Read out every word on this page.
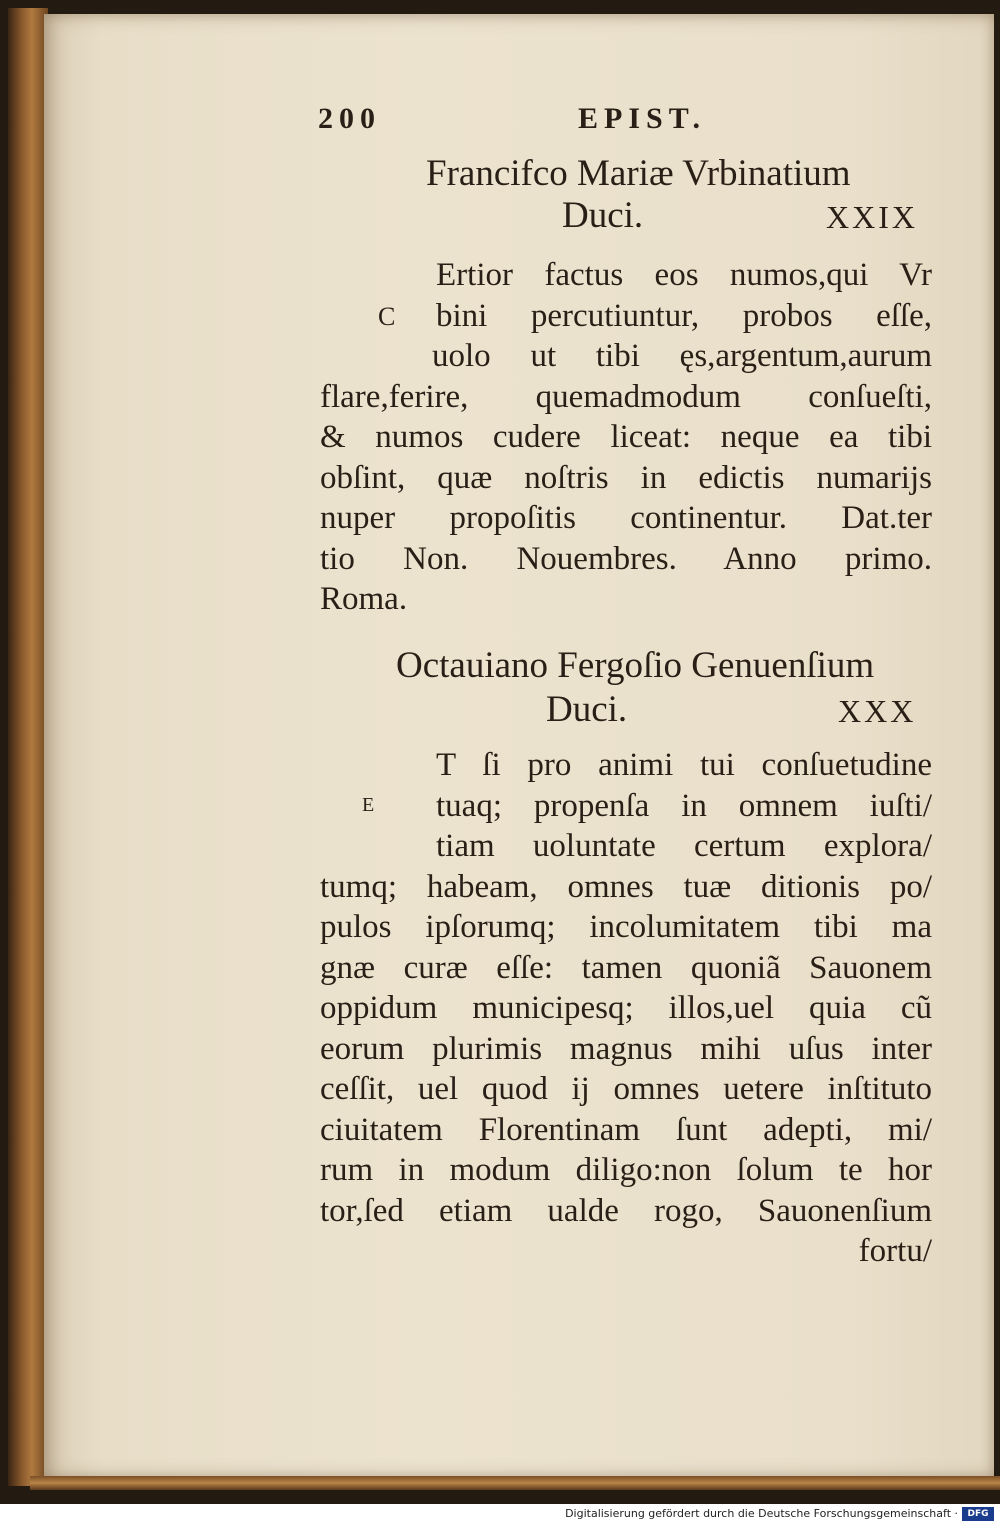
200	EPIST.
Francifco Mariæ Vrbinatium
Duci.	XXIX
C
Ertior factus eos numos,qui Vr
bini percutiuntur, probos eſſe,
uolo ut tibi ęs,argentum,aurum
flare,ferire, quemadmodum conſueſti,
& numos cudere liceat: neque ea tibi
obſint, quæ noſtris in edictis numarijs
nuper propoſitis continentur. Dat.ter
tio Non. Nouembres. Anno primo.
Roma.
Octauiano Fergoſio Genuenſium
Duci.	XXX
E
T ſi pro animi tui conſuetudine
tuaq; propenſa in omnem iuſti/
tiam uoluntate certum explora/
tumq; habeam, omnes tuæ ditionis po/
pulos ipſorumq; incolumitatem tibi ma
gnæ curæ eſſe: tamen quoniã Sauonem
oppidum municipesq; illos,uel quia cũ
eorum plurimis magnus mihi uſus inter
ceſſit, uel quod ij omnes uetere inſtituto
ciuitatem Florentinam ſunt adepti, mi/
rum in modum diligo:non ſolum te hor
tor,ſed etiam ualde rogo, Sauonenſium
fortu/
Digitalisierung gefördert durch die Deutsche Forschungsgemeinschaft ·	DFG
